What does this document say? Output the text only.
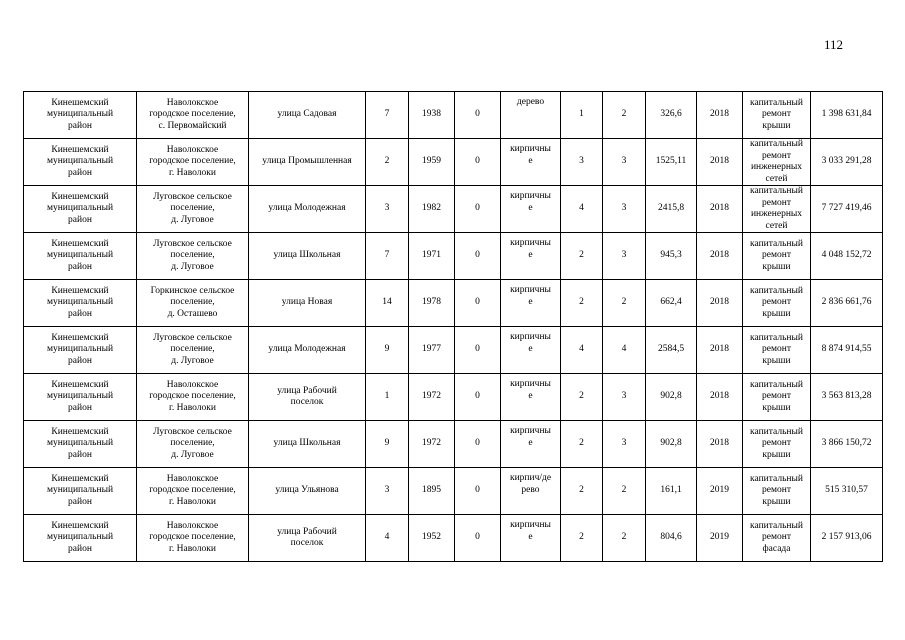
112
Кинешемский
муниципальный
район	Наволокское
городское поселение,
с. Первомайский	улица Садовая	7	1938	0	дерево	1	2	326,6	2018	капитальный
ремонт
крыши	1 398 631,84
Кинешемский
муниципальный
район	Наволокское
городское поселение,
г. Наволоки	улица Промышленная	2	1959	0	кирпичны
е	3	3	1525,11	2018	капитальный
ремонт
инженерных
сетей	3 033 291,28
Кинешемский
муниципальный
район	Луговское сельское
поселение,
д. Луговое	улица Молодежная	3	1982	0	кирпичны
е	4	3	2415,8	2018	капитальный
ремонт
инженерных
сетей	7 727 419,46
Кинешемский
муниципальный
район	Луговское сельское
поселение,
д. Луговое	улица Школьная	7	1971	0	кирпичны
е	2	3	945,3	2018	капитальный
ремонт
крыши	4 048 152,72
Кинешемский
муниципальный
район	Горкинское сельское
поселение,
д. Осташево	улица Новая	14	1978	0	кирпичны
е	2	2	662,4	2018	капитальный
ремонт
крыши	2 836 661,76
Кинешемский
муниципальный
район	Луговское сельское
поселение,
д. Луговое	улица Молодежная	9	1977	0	кирпичны
е	4	4	2584,5	2018	капитальный
ремонт
крыши	8 874 914,55
Кинешемский
муниципальный
район	Наволокское
городское поселение,
г. Наволоки	улица Рабочий
поселок	1	1972	0	кирпичны
е	2	3	902,8	2018	капитальный
ремонт
крыши	3 563 813,28
Кинешемский
муниципальный
район	Луговское сельское
поселение,
д. Луговое	улица Школьная	9	1972	0	кирпичны
е	2	3	902,8	2018	капитальный
ремонт
крыши	3 866 150,72
Кинешемский
муниципальный
район	Наволокское
городское поселение,
г. Наволоки	улица Ульянова	3	1895	0	кирпич/де
рево	2	2	161,1	2019	капитальный
ремонт
крыши	515 310,57
Кинешемский
муниципальный
район	Наволокское
городское поселение,
г. Наволоки	улица Рабочий
поселок	4	1952	0	кирпичны
е	2	2	804,6	2019	капитальный
ремонт
фасада	2 157 913,06
